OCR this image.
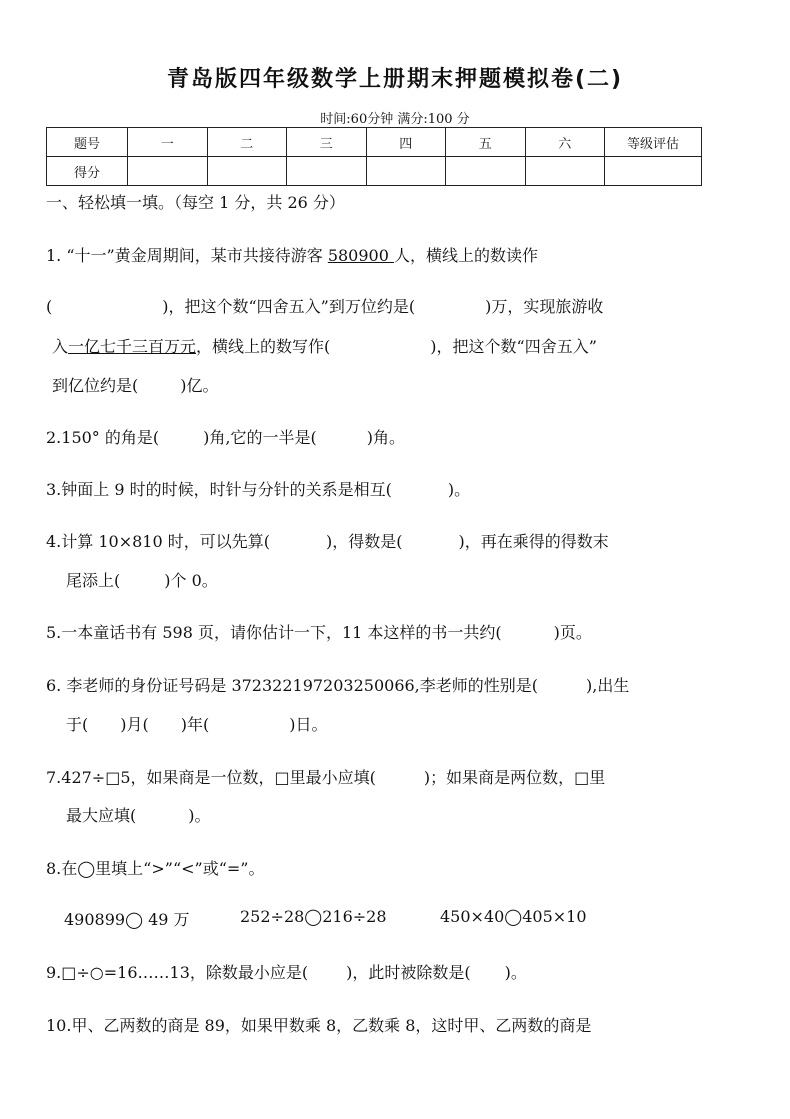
青岛版四年级数学上册期末押题模拟卷(二)
时间:60分钟 满分:100 分
题号	一	二	三	四	五	六	等级评估
得分							
一、轻松填一填。（每空 1 分，共 26 分）
1. “十一”黄金周期间，某市共接待游客 580900 人，横线上的数读作
(	)，把这个数“四舍五入”到万位约是(	)万，实现旅游收
入一亿七千三百万元，横线上的数写作(	)，把这个数“四舍五入”
到亿位约是(	)亿。
2.150° 的角是(	)角,它的一半是(	)角。
3.钟面上 9 时的时候，时针与分针的关系是相互(	)。
4.计算 10×810 时，可以先算(	)，得数是(	)，再在乘得的得数末
尾添上(	)个 0。
5.一本童话书有 598 页，请你估计一下，11 本这样的书一共约(	)页。
6. 李老师的身份证号码是 372322197203250066,李老师的性别是(	),出生
于( )月( )年(	)日。
7.427÷□5，如果商是一位数，□里最小应填(	)；如果商是两位数，□里
最大应填(	)。
8.在◯里填上“>”“<”或“=”。
490899◯ 49 万	252÷28◯216÷28	450×40◯405×10
9.□÷○=16……13，除数最小应是( )，此时被除数是( )。
10.甲、乙两数的商是 89，如果甲数乘 8，乙数乘 8，这时甲、乙两数的商是
